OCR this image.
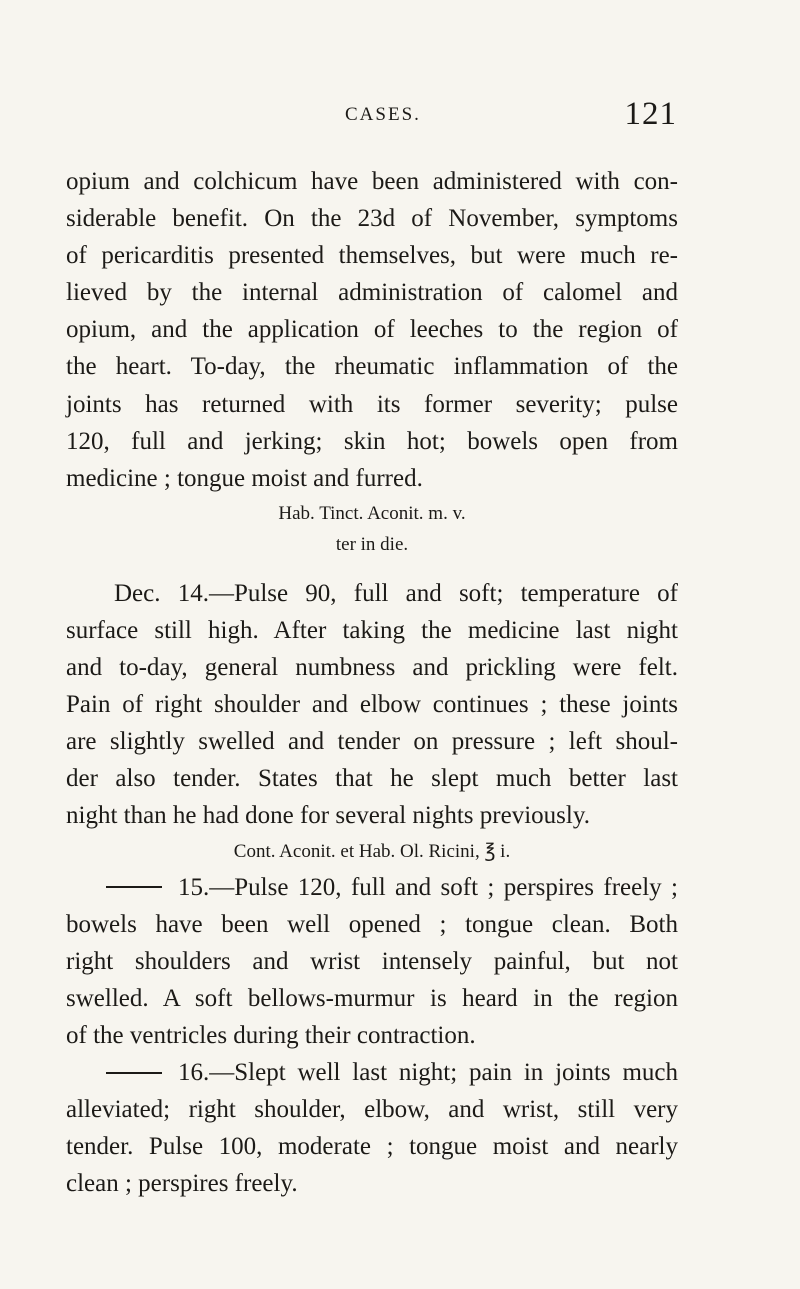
CASES.	121
opium and colchicum have been administered with con-
siderable benefit. On the 23d of November, symptoms
of pericarditis presented themselves, but were much re-
lieved by the internal administration of calomel and
opium, and the application of leeches to the region of
the heart. To-day, the rheumatic inflammation of the
joints has returned with its former severity; pulse
120, full and jerking; skin hot; bowels open from
medicine ; tongue moist and furred.
Hab. Tinct. Aconit. m. v.
ter in die.
Dec. 14.—Pulse 90, full and soft; temperature of
surface still high. After taking the medicine last night
and to-day, general numbness and prickling were felt.
Pain of right shoulder and elbow continues ; these joints
are slightly swelled and tender on pressure ; left shoul-
der also tender. States that he slept much better last
night than he had done for several nights previously.
Cont. Aconit. et Hab. Ol. Ricini, ℥ i.
15.—Pulse 120, full and soft ; perspires freely ;
bowels have been well opened ; tongue clean. Both
right shoulders and wrist intensely painful, but not
swelled. A soft bellows-murmur is heard in the region
of the ventricles during their contraction.
16.—Slept well last night; pain in joints much
alleviated; right shoulder, elbow, and wrist, still very
tender. Pulse 100, moderate ; tongue moist and nearly
clean ; perspires freely.
